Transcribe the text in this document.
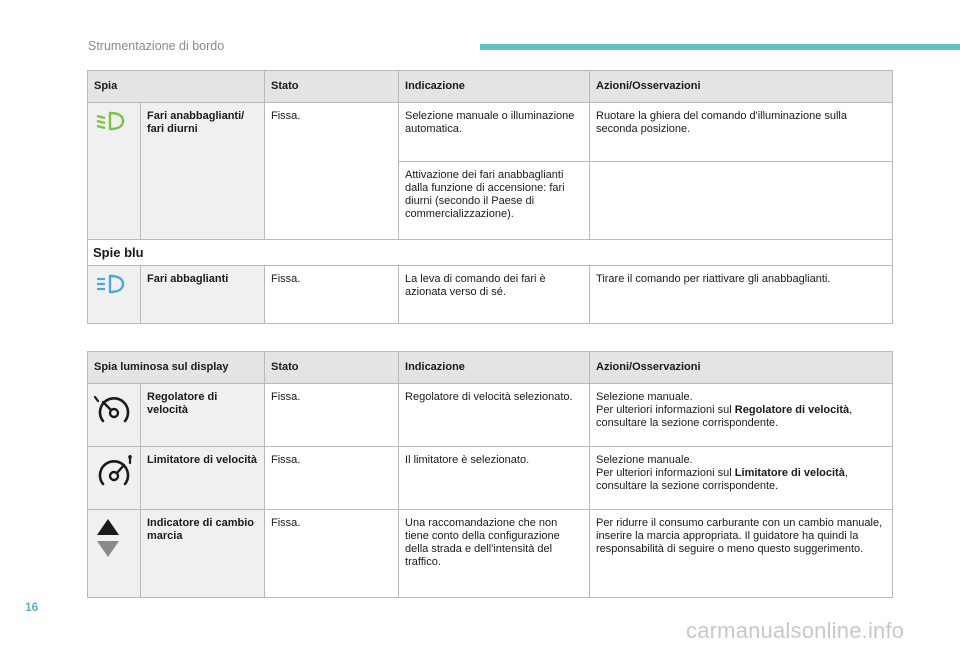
Strumentazione di bordo
Spia		Stato	Indicazione	Azioni/Osservazioni
	Fari anabbaglianti/ fari diurni	Fissa.	Selezione manuale o illuminazione automatica.	Ruotare la ghiera del comando d'illuminazione sulla seconda posizione.
			Attivazione dei fari anabbaglianti dalla funzione di accensione: fari diurni (secondo il Paese di commercializzazione).	
Spie blu				
	Fari abbaglianti	Fissa.	La leva di comando dei fari è azionata verso di sé.	Tirare il comando per riattivare gli anabbaglianti.
Spia luminosa sul display		Stato	Indicazione	Azioni/Osservazioni
	Regolatore di velocità	Fissa.	Regolatore di velocità selezionato.	Selezione manuale.
Per ulteriori informazioni sul Regolatore di velocità, consultare la sezione corrispondente.
	Limitatore di velocità	Fissa.	Il limitatore è selezionato.	Selezione manuale.
Per ulteriori informazioni sul Limitatore di velocità, consultare la sezione corrispondente.
	Indicatore di cambio marcia	Fissa.	Una raccomandazione che non tiene conto della configurazione della strada e dell'intensità del traffico.	Per ridurre il consumo carburante con un cambio manuale, inserire la marcia appropriata. Il guidatore ha quindi la responsabilità di seguire o meno questo suggerimento.
16
carmanualsonline.info
